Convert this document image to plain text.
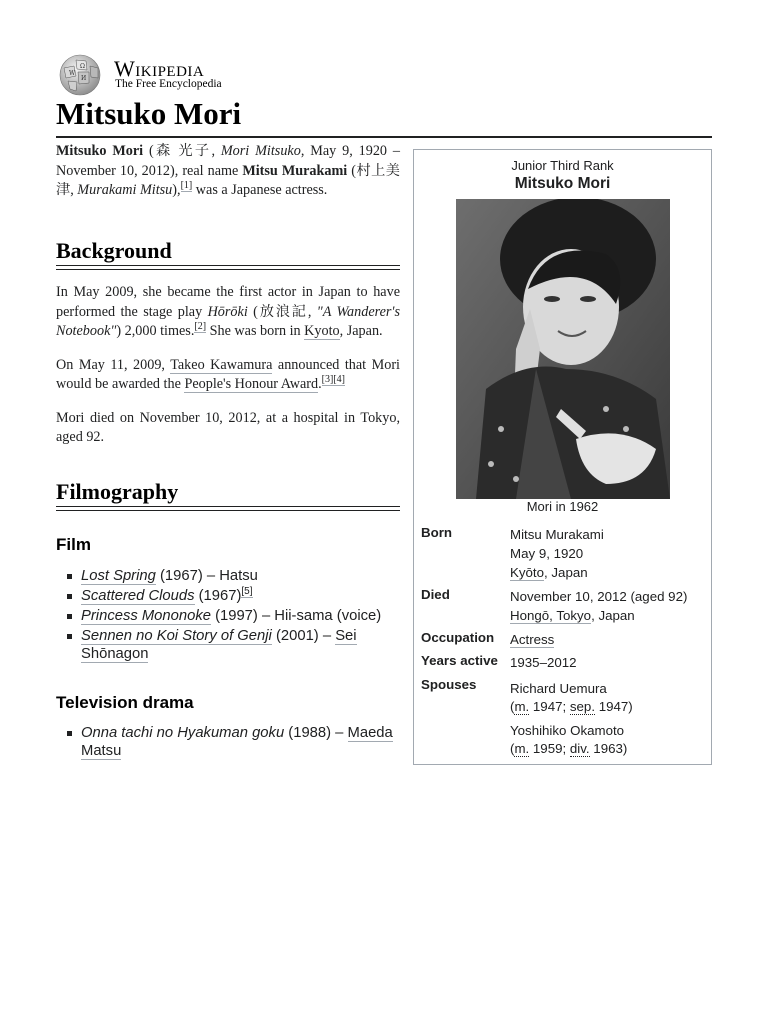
W
Ω
И Wikipedia
The Free Encyclopedia
Mitsuko Mori

Mitsuko Mori (森 光子, Mori Mitsuko, May 9, 1920 – November 10, 2012), real name Mitsu Murakami (村上美津, Murakami Mitsu),[1] was a Japanese actress.

Background

In May 2009, she became the first actor in Japan to have performed the stage play Hōrōki (放浪記, "A Wanderer's Notebook") 2,000 times.[2] She was born in Kyoto, Japan.

On May 11, 2009, Takeo Kawamura announced that Mori would be awarded the People's Honour Award.[3][4]

Mori died on November 10, 2012, at a hospital in Tokyo, aged 92.

Filmography
Film
Lost Spring (1967) – Hatsu
Scattered Clouds (1967)[5]
Princess Mononoke (1997) – Hii-sama (voice)
Sennen no Koi Story of Genji (2001) – Sei Shōnagon
Television drama
Onna tachi no Hyakuman goku (1988) – Maeda Matsu
Junior Third Rank
Mitsuko Mori
Mori in 1962
Born	Mitsu Murakami
May 9, 1920
Kyōto, Japan
Died	November 10, 2012 (aged 92)
Hongō, Tokyo, Japan
Occupation Actress
Years active 1935–2012
Spouses	Richard Uemura
(m. 1947; sep. 1947)
Yoshihiko Okamoto
(m. 1959; div. 1963)
